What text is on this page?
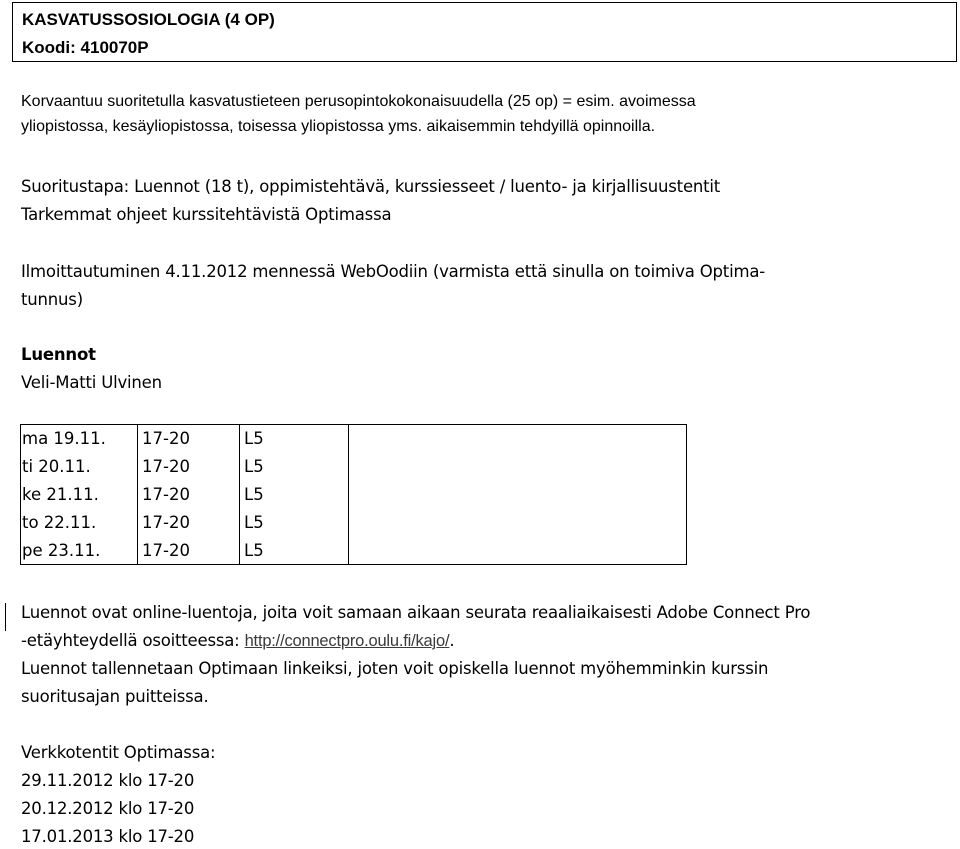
KASVATUSSOSIOLOGIA (4 OP)
Koodi: 410070P

Korvaantuu suoritetulla kasvatustieteen perusopintokokonaisuudella (25 op) = esim. avoimessa

yliopistossa, kesäyliopistossa, toisessa yliopistossa yms. aikaisemmin tehdyillä opinnoilla.

Suoritustapa: Luennot (18 t), oppimistehtävä, kurssiesseet / luento- ja kirjallisuustentit

Tarkemmat ohjeet kurssitehtävistä Optimassa

Ilmoittautuminen 4.11.2012 mennessä WebOodiin (varmista että sinulla on toimiva Optima-

tunnus)

Luennot

Veli-Matti Ulvinen

ma 19.11.	17-20	L5	
ti 20.11.	17-20	L5	
ke 21.11.	17-20	L5	
to 22.11.	17-20	L5	
pe 23.11.	17-20	L5	

Luennot ovat online-luentoja, joita voit samaan aikaan seurata reaaliaikaisesti Adobe Connect Pro

-etäyhteydellä osoitteessa: http://connectpro.oulu.fi/kajo/.

Luennot tallennetaan Optimaan linkeiksi, joten voit opiskella luennot myöhemminkin kurssin

suoritusajan puitteissa.

Verkkotentit Optimassa:

29.11.2012 klo 17-20

20.12.2012 klo 17-20

17.01.2013 klo 17-20
